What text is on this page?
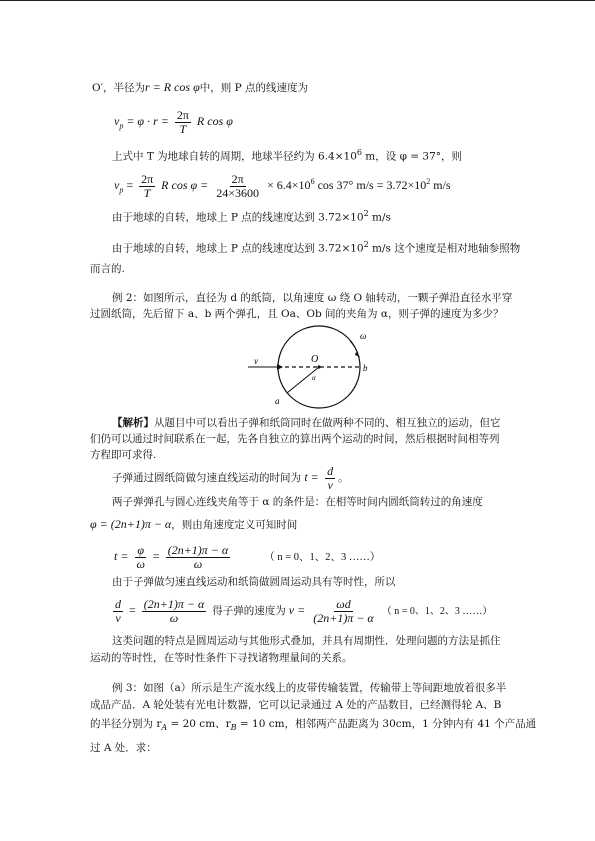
O′，半径为r = R cos φ中，则 P 点的线速度为
$v_p = \varphi \cdot r = \frac{2\pi}{T}$ R cos φ
上式中 T 为地球自转的周期，地球半径约为 $6.4\times 10^6$ m，设 φ = 37°，则
$v_p = \frac{2\pi}{T}$ R $\cos \varphi = \frac{2\pi}{24\times 3600} \times 6.4\times 10^6$ cos 37° $m/s = 3.72\times 10^2$ m/s
由于地球的自转，地球上 P 点的线速度达到 $3.72\times 10^2$ m/s
由于地球的自转，地球上 P 点的线速度达到 $3.72\times 10^2$ m/s 这个速度是相对地轴参照物
而言的.
例 2：如图所示，直径为 d 的纸筒，以角速度 ω 绕 O 轴转动，一颗子弹沿直径水平穿
过圆纸筒，先后留下 a、b 两个弹孔，且 Oa、Ob 间的夹角为 α，则子弹的速度为多少？
v	O
b
a
α
ω
【解析】从题目中可以看出子弹和纸筒同时在做两种不同的、相互独立的运动，但它
们仍可以通过时间联系在一起，先各自独立的算出两个运动的时间，然后根据时间相等列
方程即可求得.
子弹通过圆纸筒做匀速直线运动的时间为 $t = \frac{d}{v}$ 。
两子弹弹孔与圆心连线夹角等于 α 的条件是：在相等时间内圆纸筒转过的角速度
φ = (2n+1)π − α，则由角速度定义可知时间
$t = \frac{\varphi}{\omega} = \frac{(2n+1)\pi - \alpha}{\omega}$	（ n = 0、1、2、3 ……）
由于子弹做匀速直线运动和纸筒做圆周运动具有等时性，所以
$\frac{d}{v} = \frac{(2n+1)\pi - \alpha}{\omega}$ 得子弹的速度为 $v = \frac{\omega d}{(2n+1)\pi - \alpha}$ （ n = 0、1、2、3 ……）
这类问题的特点是圆周运动与其他形式叠加，并具有周期性．处理问题的方法是抓住
运动的等时性，在等时性条件下寻找诸物理量间的关系。
例 3：如图（a）所示是生产流水线上的皮带传输装置，传输带上等间距地放着很多半
成品产品．A 轮处装有光电计数器，它可以记录通过 A 处的产品数目，已经测得轮 A、B
的半径分别为 $r_A = 20$ cm、$r_B = 10$ cm，相邻两产品距离为 30cm，1 分钟内有 41 个产品通
过 A 处．求：
